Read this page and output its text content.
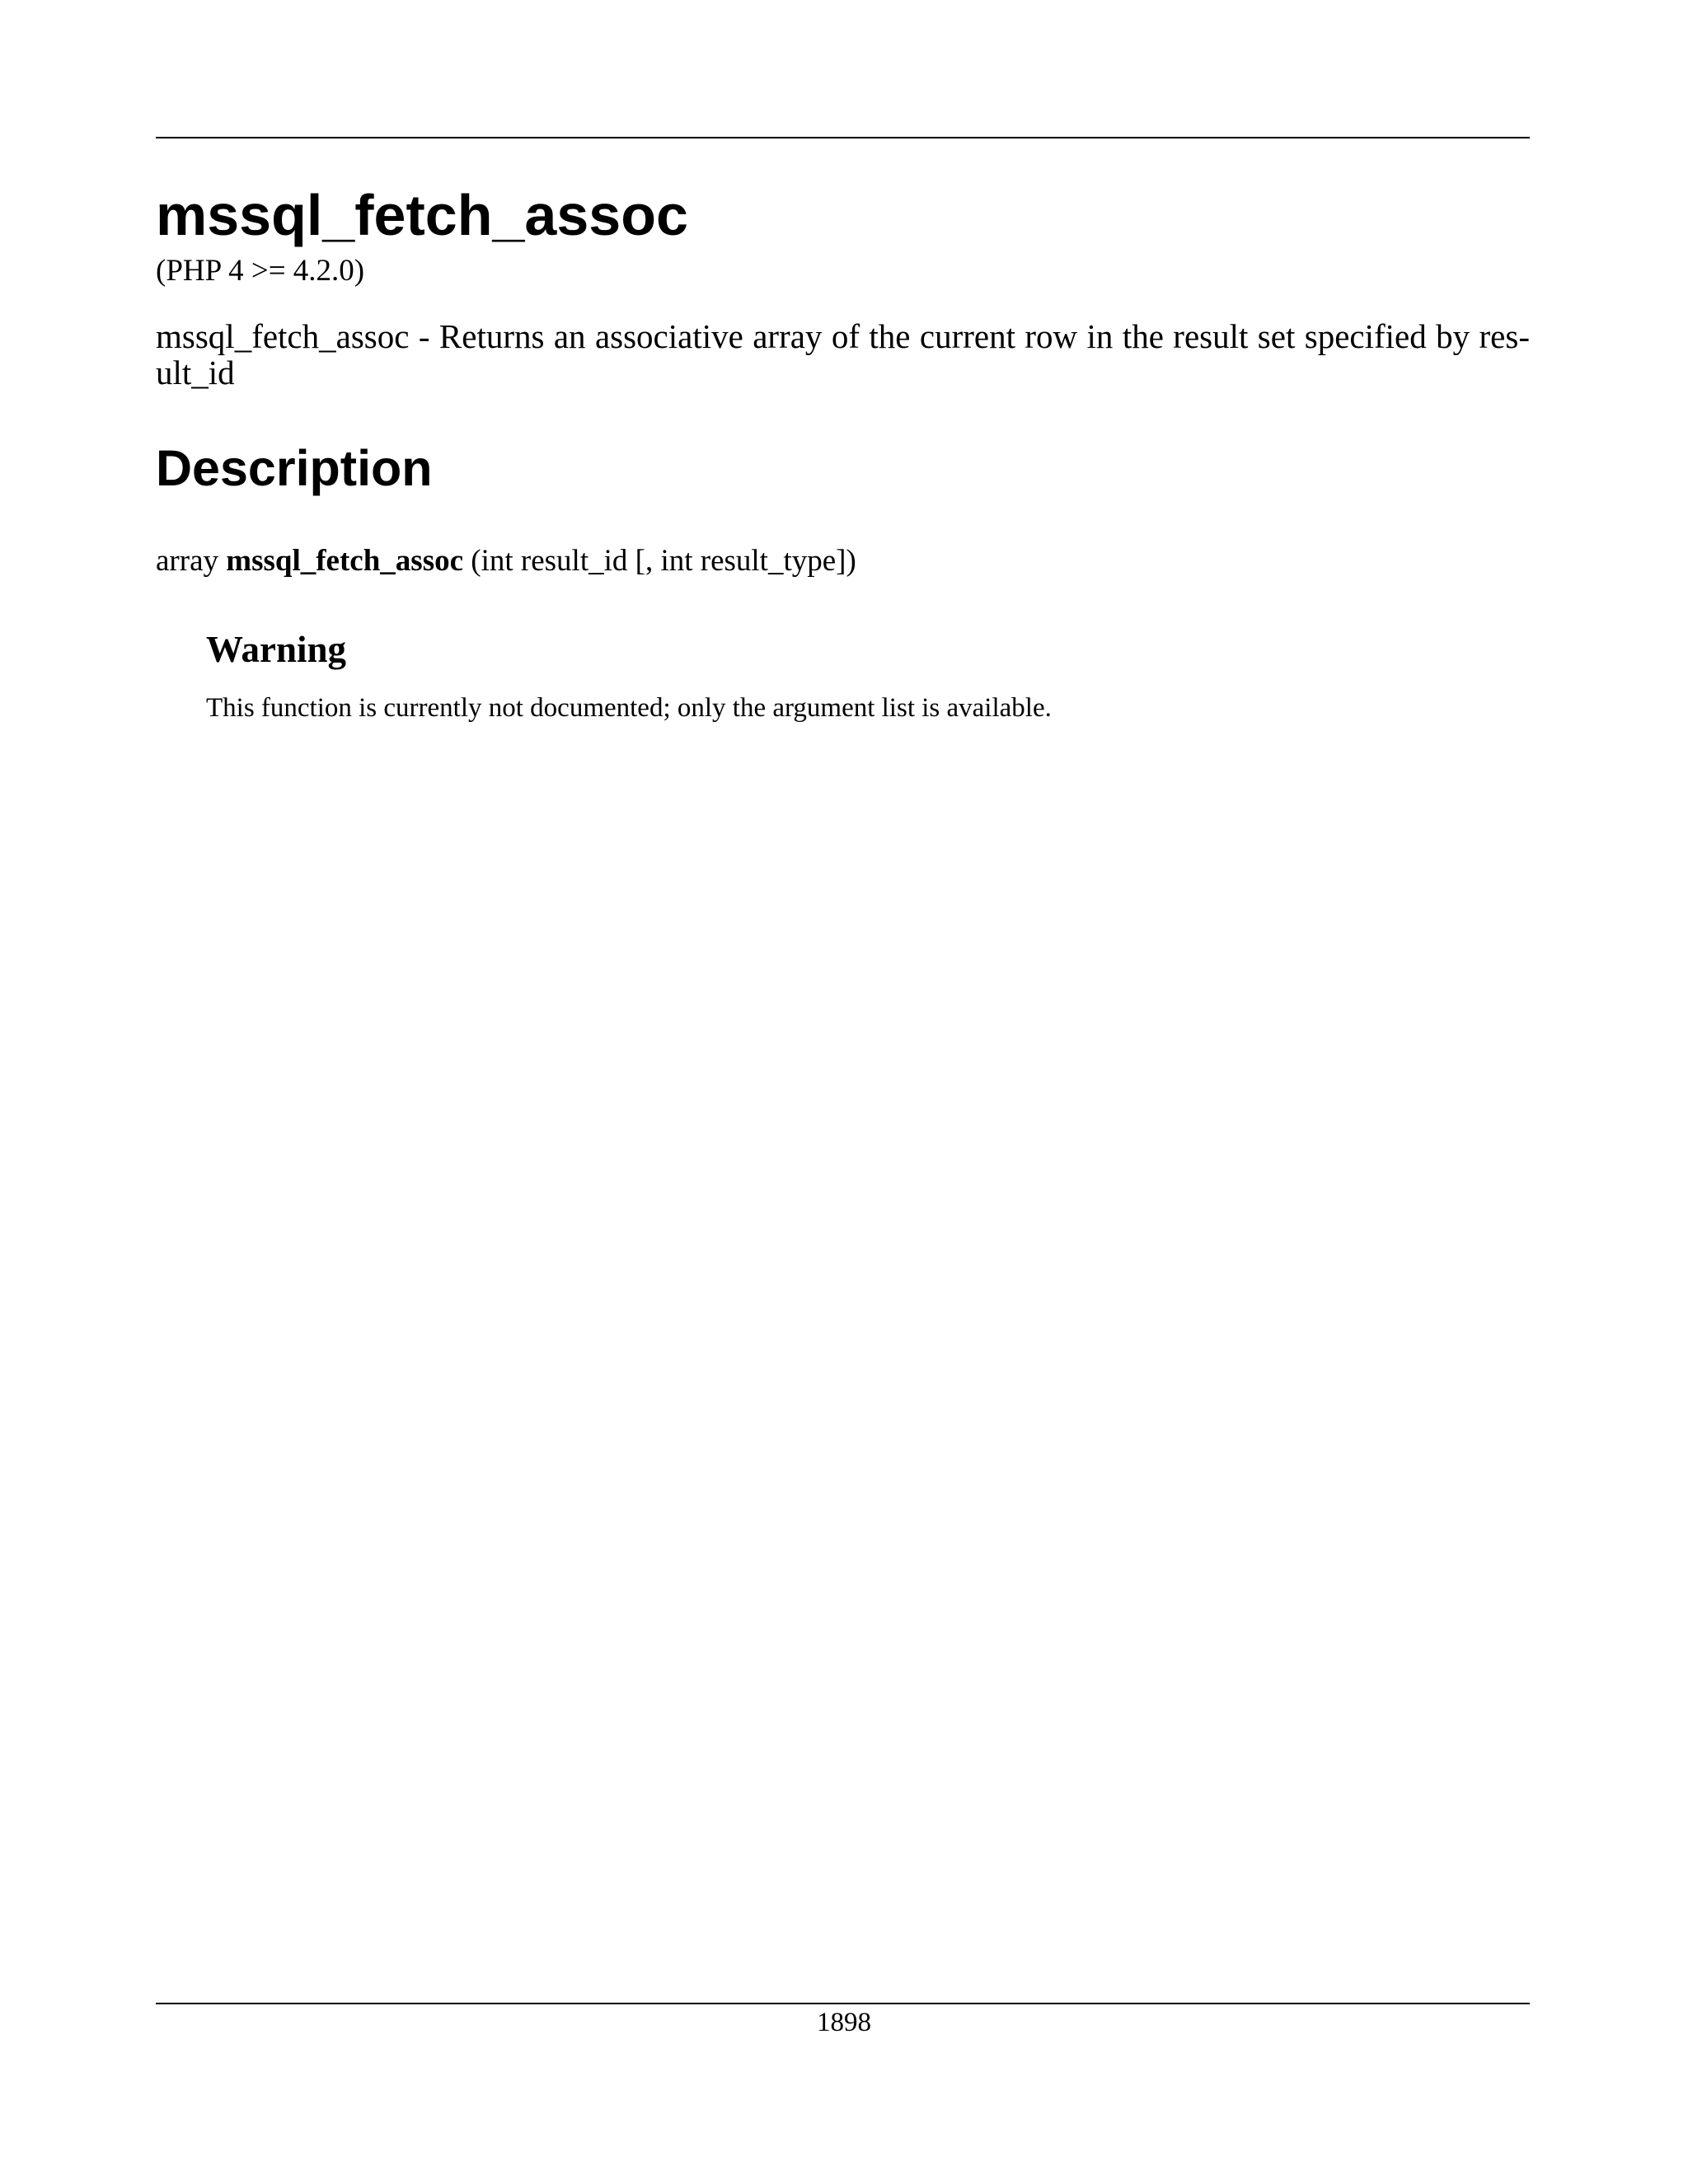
mssql_fetch_assoc
(PHP 4 >= 4.2.0)

mssql_fetch_assoc - Returns an associative array of the current row in the result set specified by res-
ult_id

Description
array mssql_fetch_assoc (int result_id [, int result_type])
Warning

This function is currently not documented; only the argument list is available.

1898
